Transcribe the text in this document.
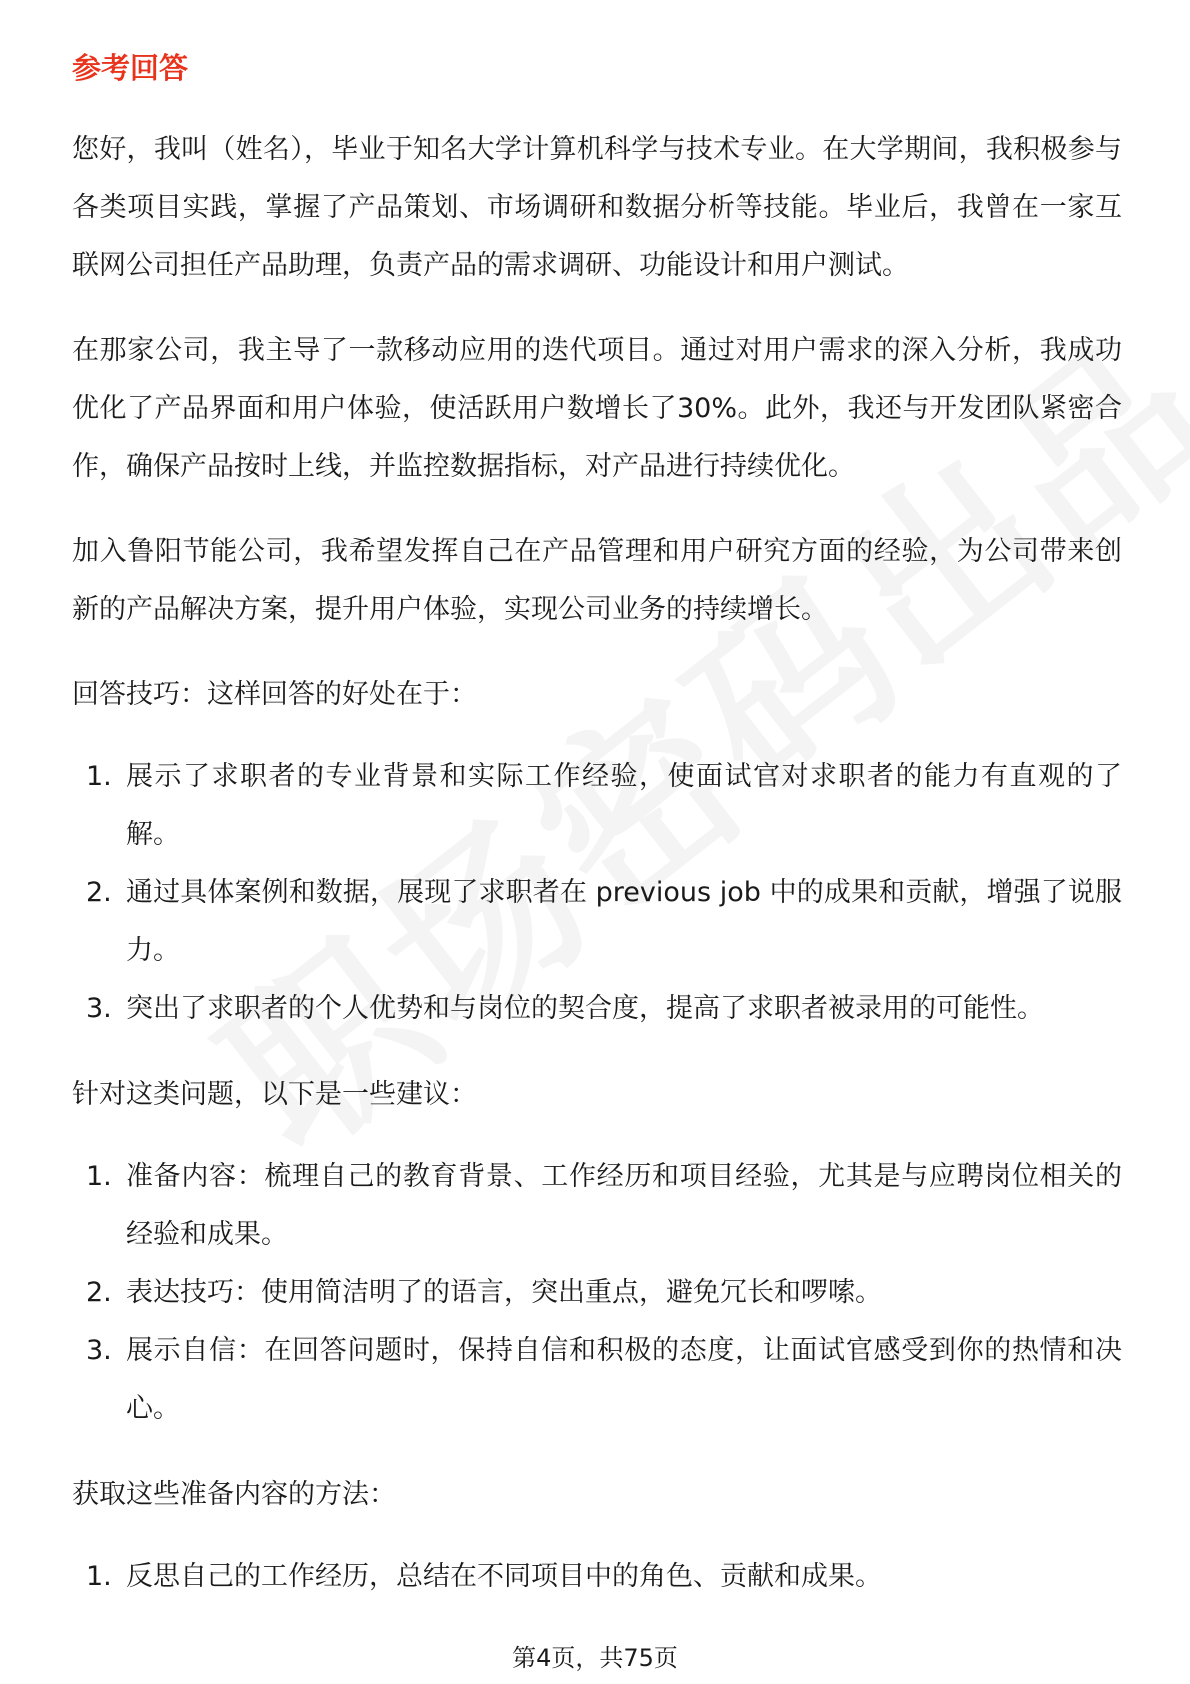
参考回答

您好，我叫（姓名），毕业于知名大学计算机科学与技术专业。在大学期间，我积极参与各类项目实践，掌握了产品策划、市场调研和数据分析等技能。毕业后，我曾在一家互联网公司担任产品助理，负责产品的需求调研、功能设计和用户测试。

在那家公司，我主导了一款移动应用的迭代项目。通过对用户需求的深入分析，我成功优化了产品界面和用户体验，使活跃用户数增长了30%。此外，我还与开发团队紧密合作，确保产品按时上线，并监控数据指标，对产品进行持续优化。

加入鲁阳节能公司，我希望发挥自己在产品管理和用户研究方面的经验，为公司带来创新的产品解决方案，提升用户体验，实现公司业务的持续增长。

回答技巧：这样回答的好处在于：

1. 展示了求职者的专业背景和实际工作经验，使面试官对求职者的能力有直观的了解。
2. 通过具体案例和数据，展现了求职者在 previous job 中的成果和贡献，增强了说服力。
3. 突出了求职者的个人优势和与岗位的契合度，提高了求职者被录用的可能性。

针对这类问题，以下是一些建议：

1. 准备内容：梳理自己的教育背景、工作经历和项目经验，尤其是与应聘岗位相关的经验和成果。
2. 表达技巧：使用简洁明了的语言，突出重点，避免冗长和啰嗦。
3. 展示自信：在回答问题时，保持自信和积极的态度，让面试官感受到你的热情和决心。

获取这些准备内容的方法：

1. 反思自己的工作经历，总结在不同项目中的角色、贡献和成果。
第4页，共75页
